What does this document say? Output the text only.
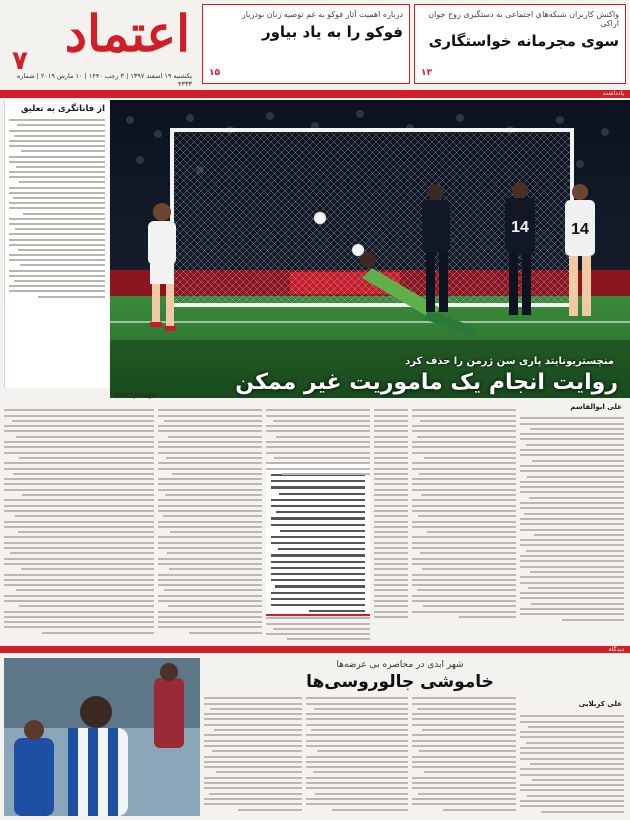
اعتماد
۷
یکشنبه ۱۹ اسفند ۱۳۹۷ | ۳ رجب ۱۴۴۰ | ۱۰ مارس ۲۰۱۹ | شماره ۴۳۳۳
واکنش کاربران شبکه‌های اجتماعی به دستگیری زوج جوان اراکی
سوی مجرمانه خواستگاری
۱۳
درباره اهمیت آثار فوکو به غم توصیه زنان بودریار
فوکو را به یاد بیاور
۱۵
یادداشت
از فاناتگری به تعلیق
14	14
منچستریونایتد پاری سن ژرمن را حذف کرد
روایت انجام یک ماموریت غیر ممکن
©GettyImages
علی ابوالقاسم
دیدگاه
شهر ابدی در محاصره بی عرضه‌ها
خاموشی جالوروسی‌ها
علی کربلایی
